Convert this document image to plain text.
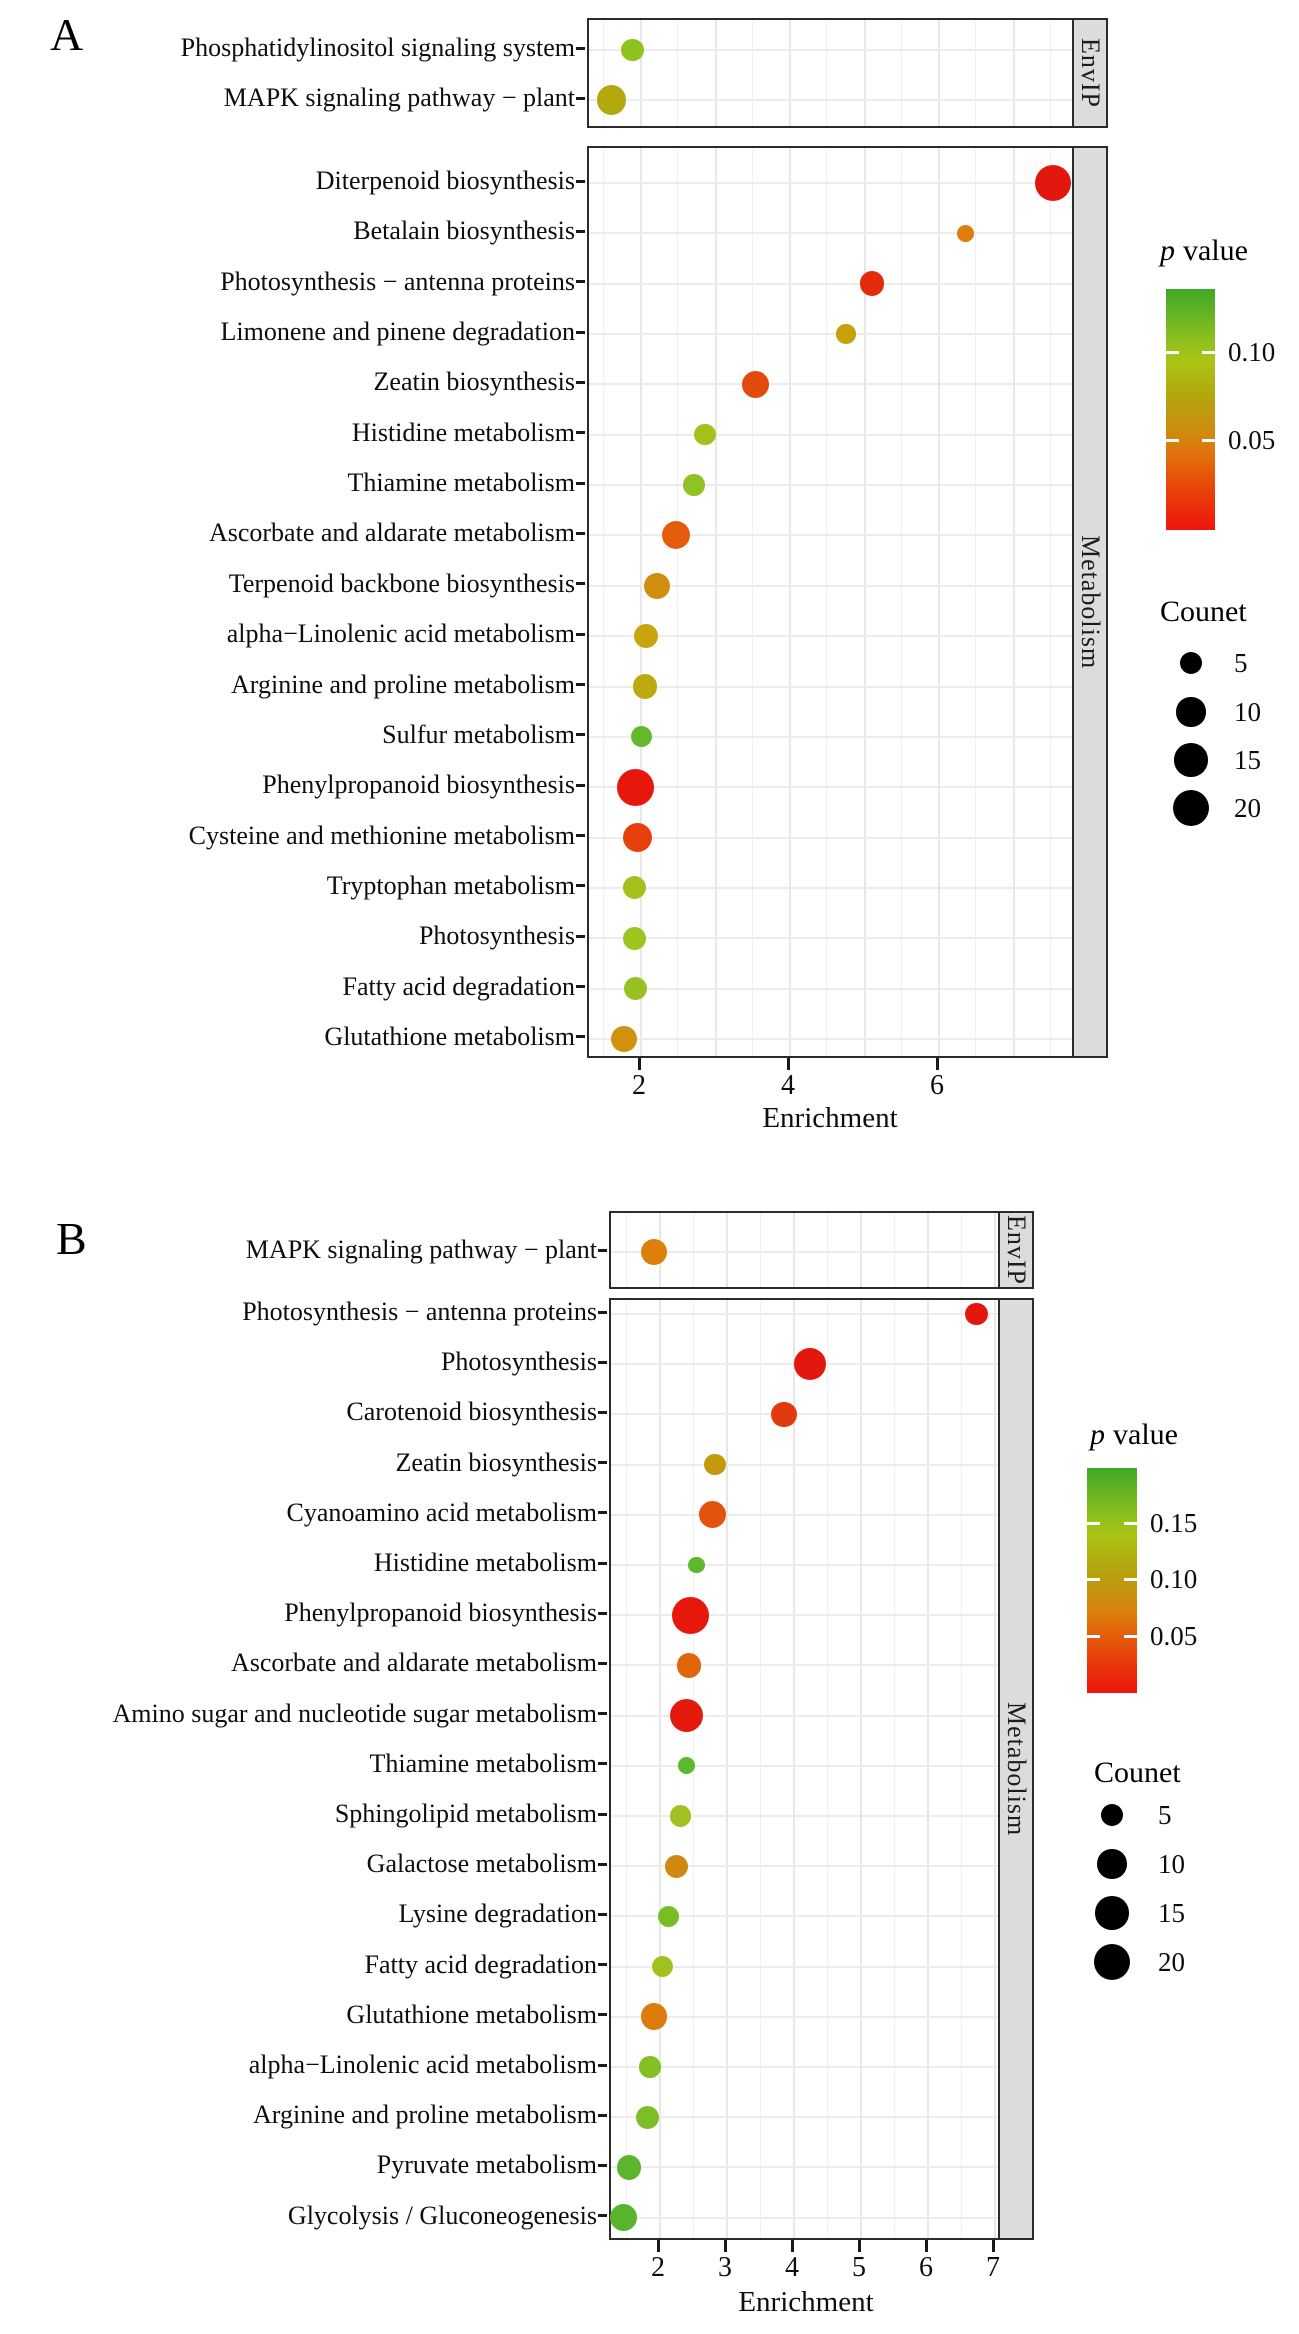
A	Phosphatidylinositol signaling system
MAPK signaling pathway − plant	EnvIP
Diterpenoid biosynthesis
Betalain biosynthesis
Photosynthesis − antenna proteins
Limonene and pinene degradation
Zeatin biosynthesis
Histidine metabolism
Thiamine metabolism
Ascorbate and aldarate metabolism
Terpenoid backbone biosynthesis
alpha−Linolenic acid metabolism
Arginine and proline metabolism
Sulfur metabolism
Phenylpropanoid biosynthesis
Cysteine and methionine metabolism
Tryptophan metabolism
Photosynthesis
Fatty acid degradation
Glutathione metabolism
Metabolism
2	4	6
Enrichment
p value
0.10
0.05
Counet
5
10
15
20
B	MAPK signaling pathway − plant	EnvIP
Photosynthesis − antenna proteins
Photosynthesis
Carotenoid biosynthesis
Zeatin biosynthesis
Cyanoamino acid metabolism
Histidine metabolism
Phenylpropanoid biosynthesis
Ascorbate and aldarate metabolism
Amino sugar and nucleotide sugar metabolism
Thiamine metabolism
Sphingolipid metabolism
Galactose metabolism
Lysine degradation
Fatty acid degradation
Glutathione metabolism
alpha−Linolenic acid metabolism
Arginine and proline metabolism
Pyruvate metabolism
Glycolysis / Gluconeogenesis
Metabolism
2	3	4	5	6	7
Enrichment
p value
0.15
0.10
0.05
Counet
5
10
15
20
